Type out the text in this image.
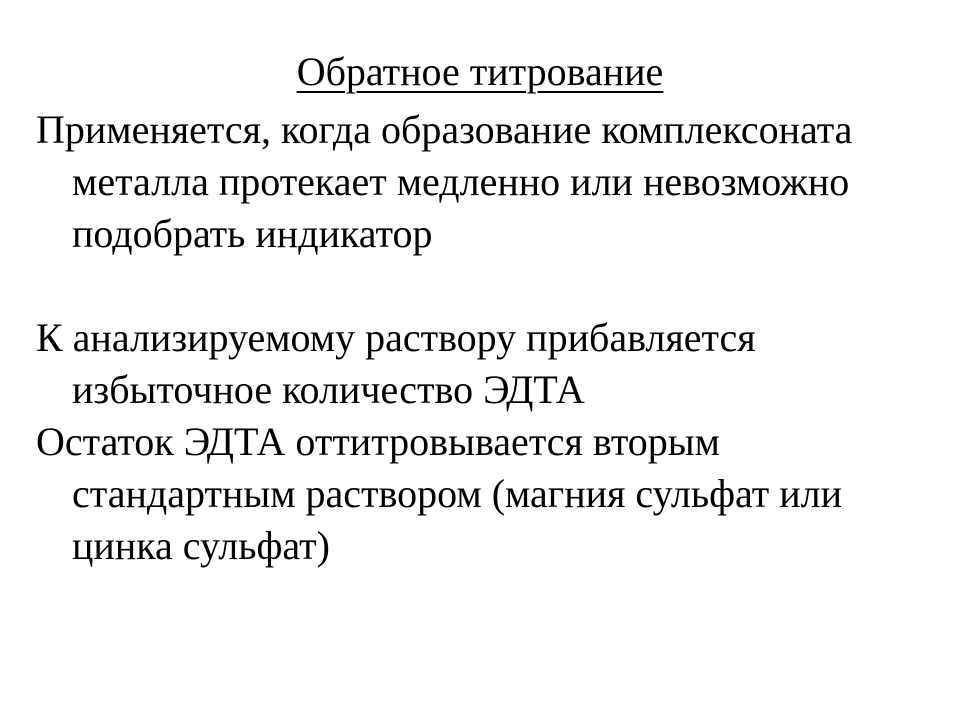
Обратное титрование
Применяется, когда образование комплексоната металла протекает медленно или невозможно подобрать индикатор
К анализируемому раствору прибавляется избыточное количество ЭДТА
Остаток ЭДТА оттитровывается вторым стандартным раствором (магния сульфат или цинка сульфат)
